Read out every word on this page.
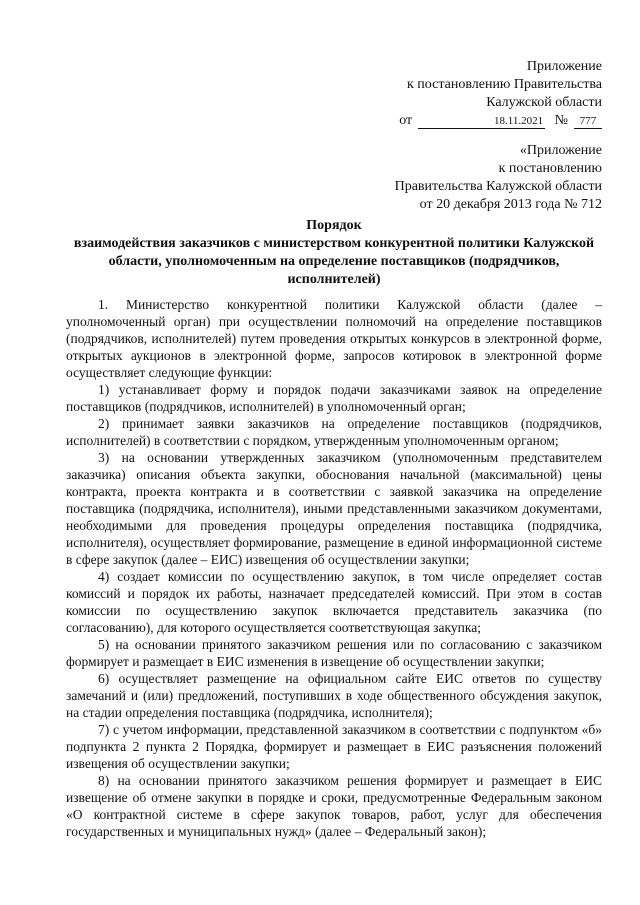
Приложение
к постановлению Правительства
Калужской области
от	18.11.2021 № 777
«Приложение
к постановлению
Правительства Калужской области
от 20 декабря 2013 года № 712
Порядок
взаимодействия заказчиков с министерством конкурентной политики Калужской области, уполномоченным на определение поставщиков (подрядчиков, исполнителей)

1. Министерство конкурентной политики Калужской области (далее – уполномоченный орган) при осуществлении полномочий на определение поставщиков (подрядчиков, исполнителей) путем проведения открытых конкурсов в электронной форме, открытых аукционов в электронной форме, запросов котировок в электронной форме осуществляет следующие функции:

1) устанавливает форму и порядок подачи заказчиками заявок на определение поставщиков (подрядчиков, исполнителей) в уполномоченный орган;

2) принимает заявки заказчиков на определение поставщиков (подрядчиков, исполнителей) в соответствии с порядком, утвержденным уполномоченным органом;

3) на основании утвержденных заказчиком (уполномоченным представителем заказчика) описания объекта закупки, обоснования начальной (максимальной) цены контракта, проекта контракта и в соответствии с заявкой заказчика на определение поставщика (подрядчика, исполнителя), иными представленными заказчиком документами, необходимыми для проведения процедуры определения поставщика (подрядчика, исполнителя), осуществляет формирование, размещение в единой информационной системе в сфере закупок (далее – ЕИС) извещения об осуществлении закупки;

4) создает комиссии по осуществлению закупок, в том числе определяет состав комиссий и порядок их работы, назначает председателей комиссий. При этом в состав комиссии по осуществлению закупок включается представитель заказчика (по согласованию), для которого осуществляется соответствующая закупка;

5) на основании принятого заказчиком решения или по согласованию с заказчиком формирует и размещает в ЕИС изменения в извещение об осуществлении закупки;

6) осуществляет размещение на официальном сайте ЕИС ответов по существу замечаний и (или) предложений, поступивших в ходе общественного обсуждения закупок, на стадии определения поставщика (подрядчика, исполнителя);

7) с учетом информации, представленной заказчиком в соответствии с подпунктом «б» подпункта 2 пункта 2 Порядка, формирует и размещает в ЕИС разъяснения положений извещения об осуществлении закупки;

8) на основании принятого заказчиком решения формирует и размещает в ЕИС извещение об отмене закупки в порядке и сроки, предусмотренные Федеральным законом «О контрактной системе в сфере закупок товаров, работ, услуг для обеспечения государственных и муниципальных нужд» (далее – Федеральный закон);
